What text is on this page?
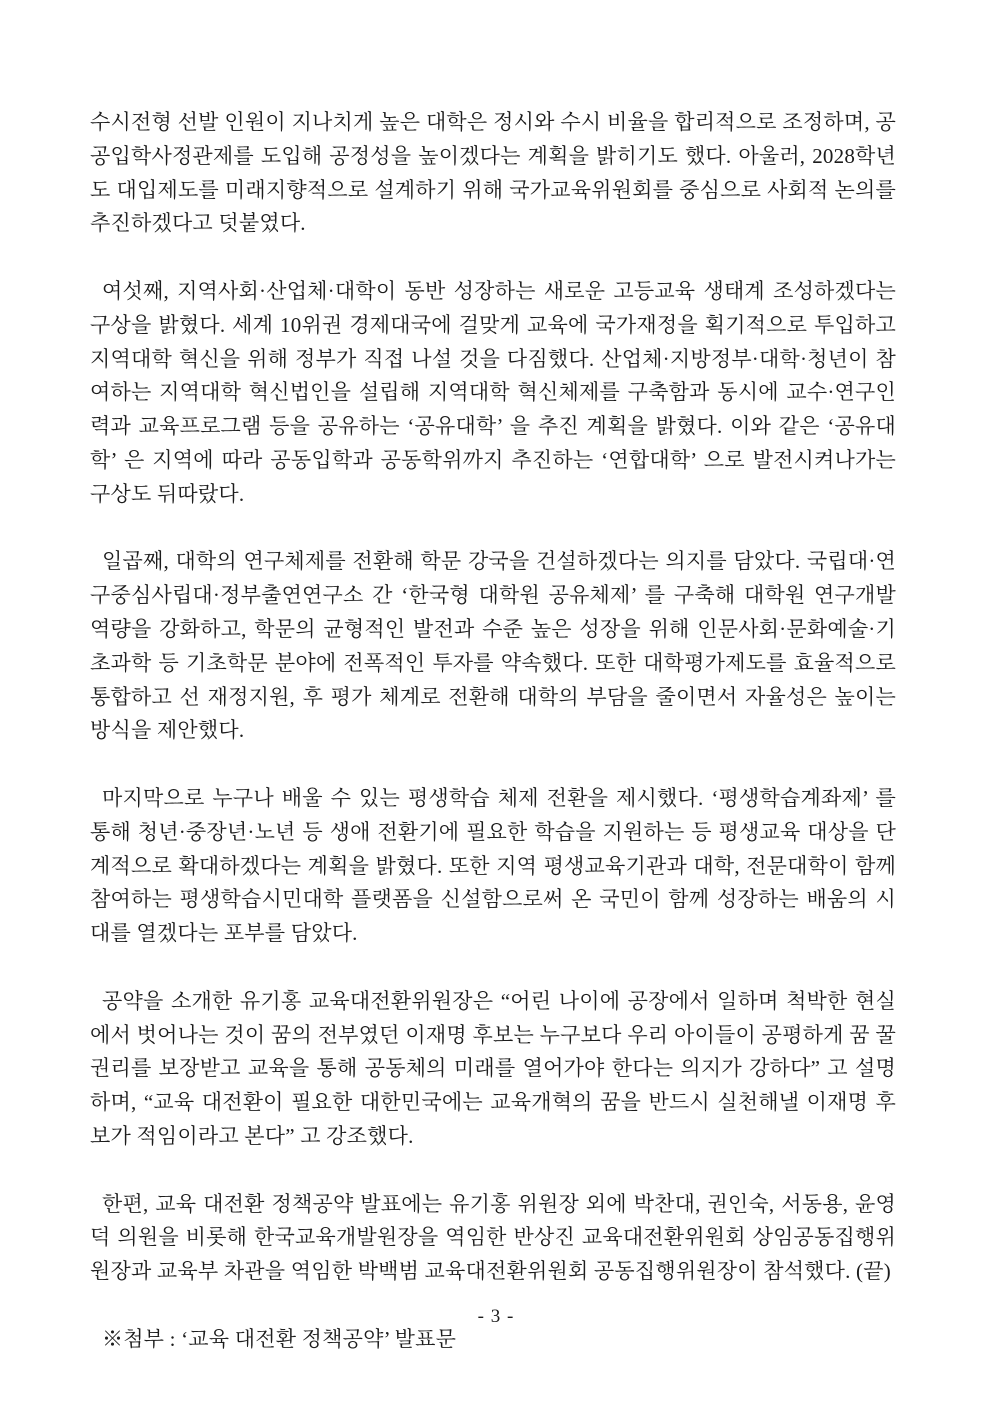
수시전형 선발 인원이 지나치게 높은 대학은 정시와 수시 비율을 합리적으로 조정하며, 공공입학사정관제를 도입해 공정성을 높이겠다는 계획을 밝히기도 했다. 아울러, 2028학년도 대입제도를 미래지향적으로 설계하기 위해 국가교육위원회를 중심으로 사회적 논의를 추진하겠다고 덧붙였다.

여섯째, 지역사회·산업체·대학이 동반 성장하는 새로운 고등교육 생태계 조성하겠다는 구상을 밝혔다. 세계 10위권 경제대국에 걸맞게 교육에 국가재정을 획기적으로 투입하고 지역대학 혁신을 위해 정부가 직접 나설 것을 다짐했다. 산업체·지방정부·대학·청년이 참여하는 지역대학 혁신법인을 설립해 지역대학 혁신체제를 구축함과 동시에 교수·연구인력과 교육프로그램 등을 공유하는 ‘공유대학’ 을 추진 계획을 밝혔다. 이와 같은 ‘공유대학’ 은 지역에 따라 공동입학과 공동학위까지 추진하는 ‘연합대학’ 으로 발전시켜나가는 구상도 뒤따랐다.

일곱째, 대학의 연구체제를 전환해 학문 강국을 건설하겠다는 의지를 담았다. 국립대·연구중심사립대·정부출연연구소 간 ‘한국형 대학원 공유체제’ 를 구축해 대학원 연구개발 역량을 강화하고, 학문의 균형적인 발전과 수준 높은 성장을 위해 인문사회·문화예술·기초과학 등 기초학문 분야에 전폭적인 투자를 약속했다. 또한 대학평가제도를 효율적으로 통합하고 선 재정지원, 후 평가 체계로 전환해 대학의 부담을 줄이면서 자율성은 높이는 방식을 제안했다.

마지막으로 누구나 배울 수 있는 평생학습 체제 전환을 제시했다. ‘평생학습계좌제’ 를 통해 청년·중장년·노년 등 생애 전환기에 필요한 학습을 지원하는 등 평생교육 대상을 단계적으로 확대하겠다는 계획을 밝혔다. 또한 지역 평생교육기관과 대학, 전문대학이 함께 참여하는 평생학습시민대학 플랫폼을 신설함으로써 온 국민이 함께 성장하는 배움의 시대를 열겠다는 포부를 담았다.

공약을 소개한 유기홍 교육대전환위원장은 “어린 나이에 공장에서 일하며 척박한 현실에서 벗어나는 것이 꿈의 전부였던 이재명 후보는 누구보다 우리 아이들이 공평하게 꿈 꿀 권리를 보장받고 교육을 통해 공동체의 미래를 열어가야 한다는 의지가 강하다” 고 설명하며, “교육 대전환이 필요한 대한민국에는 교육개혁의 꿈을 반드시 실천해낼 이재명 후보가 적임이라고 본다” 고 강조했다.

한편, 교육 대전환 정책공약 발표에는 유기홍 위원장 외에 박찬대, 권인숙, 서동용, 윤영덕 의원을 비롯해 한국교육개발원장을 역임한 반상진 교육대전환위원회 상임공동집행위원장과 교육부 차관을 역임한 박백범 교육대전환위원회 공동집행위원장이 참석했다. (끝)

※첨부 : ‘교육 대전환 정책공약’ 발표문

- 3 -
